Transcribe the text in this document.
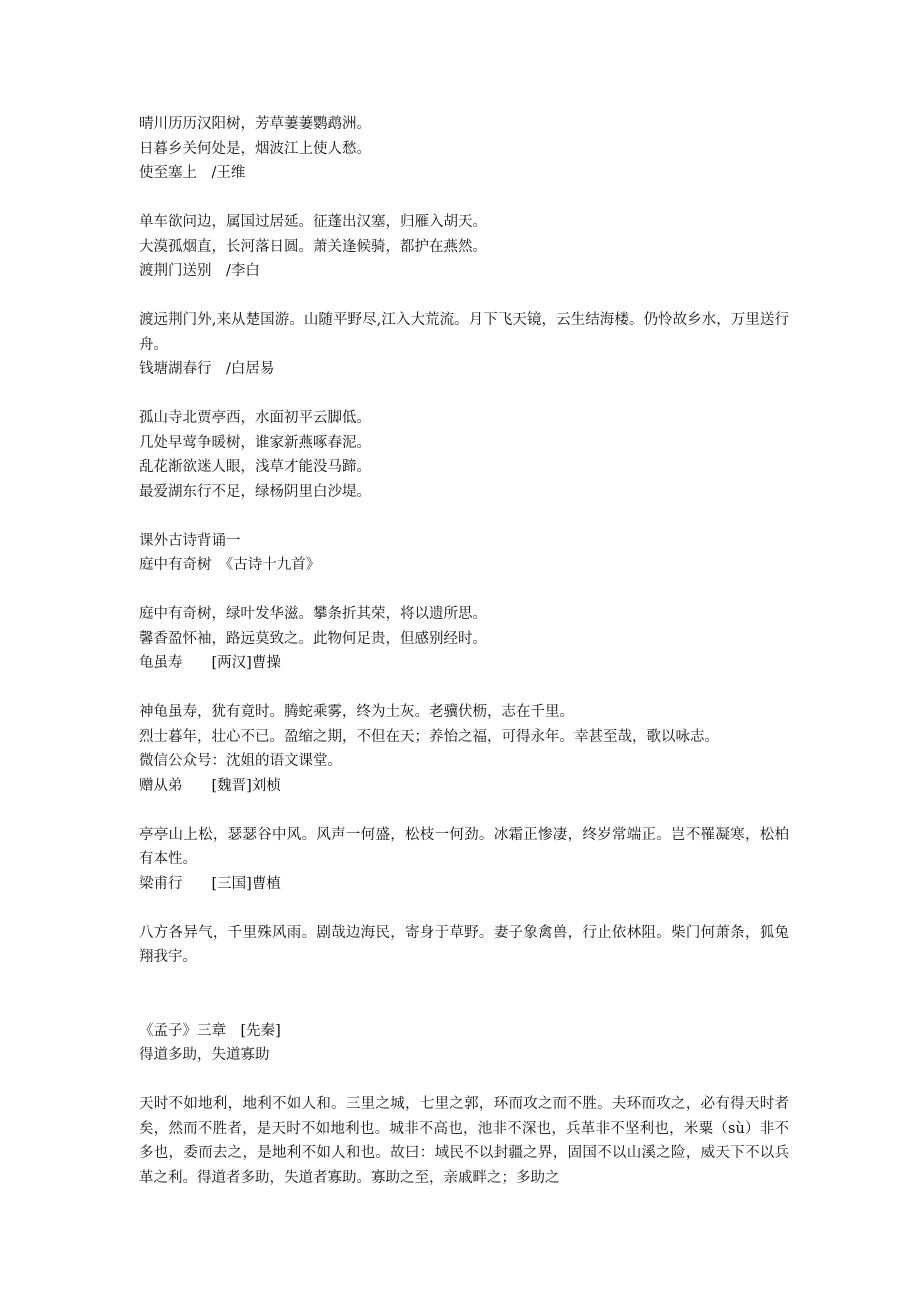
晴川历历汉阳树，芳草萋萋鹦鹉洲。
日暮乡关何处是，烟波江上使人愁。
使至塞上　/王维
单车欲问边，属国过居延。征蓬出汉塞，归雁入胡天。
大漠孤烟直，长河落日圆。萧关逢候骑，都护在燕然。
渡荆门送别　/李白
渡远荆门外,来从楚国游。山随平野尽,江入大荒流。月下飞天镜，云生结海楼。仍怜故乡水，万里送行舟。
钱塘湖春行　/白居易
孤山寺北贾亭西，水面初平云脚低。
几处早莺争暖树，谁家新燕啄春泥。
乱花渐欲迷人眼，浅草才能没马蹄。
最爱湖东行不足，绿杨阴里白沙堤。
课外古诗背诵一
庭中有奇树　《古诗十九首》
庭中有奇树，绿叶发华滋。攀条折其荣，将以遗所思。
馨香盈怀袖，路远莫致之。此物何足贵，但感别经时。
龟虽寿　　[两汉]曹操
神龟虽寿，犹有竟时。腾蛇乘雾，终为土灰。老骥伏枥，志在千里。
烈士暮年，壮心不已。盈缩之期，不但在天；养怡之福，可得永年。幸甚至哉，歌以咏志。
微信公众号：沈姐的语文课堂。
赠从弟　　[魏晋]刘桢
亭亭山上松，瑟瑟谷中风。风声一何盛，松枝一何劲。冰霜正惨凄，终岁常端正。岂不罹凝寒，松柏有本性。
梁甫行　　[三国]曹植
八方各异气，千里殊风雨。剧哉边海民，寄身于草野。妻子象禽兽，行止依林阻。柴门何萧条，狐兔翔我宇。
《孟子》三章　[先秦]
得道多助，失道寡助
天时不如地利，地利不如人和。三里之城，七里之郭，环而攻之而不胜。夫环而攻之，必有得天时者矣，然而不胜者，是天时不如地利也。城非不高也，池非不深也，兵革非不坚利也，米粟（sù）非不多也，委而去之，是地利不如人和也。故曰：域民不以封疆之界，固国不以山溪之险，威天下不以兵革之利。得道者多助，失道者寡助。寡助之至，亲戚畔之；多助之
